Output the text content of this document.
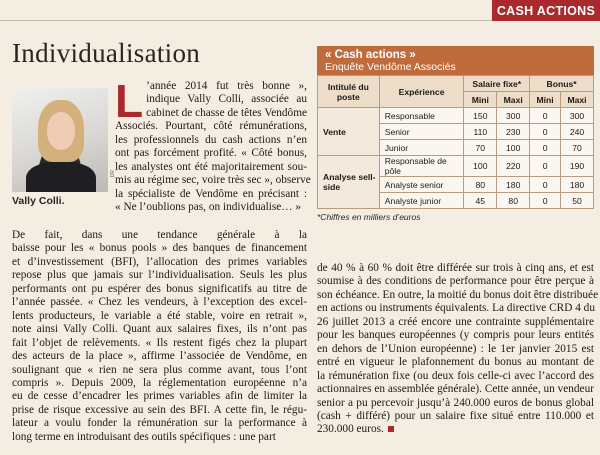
CASH ACTIONS
Individualisation
DR
Vally Colli.
L ’année 2014 fut très bonne »,
indique Vally Colli, associée au
cabinet de chasse de têtes Vendôme
Associés. Pourtant, côté rémunérations,
les professionnels du cash actions n’en
ont pas forcément profité. « Côté bonus,
les analystes ont été majoritairement sou-
mis au régime sec, voire très sec », observe
la spécialiste de Vendôme en précisant :
« Ne l’oublions pas, on individualise… »
De fait, dans une tendance générale à la
baisse pour les « bonus pools » des banques de financement
et d’investissement (BFI), l’allocation des primes variables
repose plus que jamais sur l’individualisation. Seuls les plus
performants ont pu espérer des bonus significatifs au titre de
l’année passée. « Chez les vendeurs, à l’exception des excel-
lents producteurs, le variable a été stable, voire en retrait »,
note ainsi Vally Colli. Quant aux salaires fixes, ils n’ont pas
fait l’objet de relèvements. « Ils restent figés chez la plupart
des acteurs de la place », affirme l’associée de Vendôme, en
soulignant que « rien ne sera plus comme avant, tous l’ont
compris ». Depuis 2009, la réglementation européenne n’a
eu de cesse d’encadrer les primes variables afin de limiter la
prise de risque excessive au sein des BFI. A cette fin, le régu-
lateur a voulu fonder la rémunération sur la performance à
long terme en introduisant des outils spécifiques : une part
de 40 % à 60 % doit être différée sur trois à cinq ans, et est
soumise à des conditions de performance pour être perçue à
son échéance. En outre, la moitié du bonus doit être distribuée
en actions ou instruments équivalents. La directive CRD 4 du
26 juillet 2013 a créé encore une contrainte supplémentaire
pour les banques européennes (y compris pour leurs entités
en dehors de l’Union européenne) : le 1er janvier 2015 est
entré en vigueur le plafonnement du bonus au montant de
la rémunération fixe (ou deux fois celle-ci avec l’accord des
actionnaires en assemblée générale). Cette année, un vendeur
senior a pu percevoir jusqu’à 240.000 euros de bonus global
(cash + différé) pour un salaire fixe situé entre 110.000 et
230.000 euros.
« Cash actions »
Enquête Vendôme Associés
Intitulé du poste	Expérience	Salaire fixe*		Bonus*	
		Mini	Maxi	Mini	Maxi
Vente	Responsable	150	300	0	300
	Senior	110	230	0	240
	Junior	70	100	0	70
Analyse sell-side	Responsable de pôle	100	220	0	190
	Analyste senior	80	180	0	180
	Analyste junior	45	80	0	50
*Chiffres en milliers d’euros
